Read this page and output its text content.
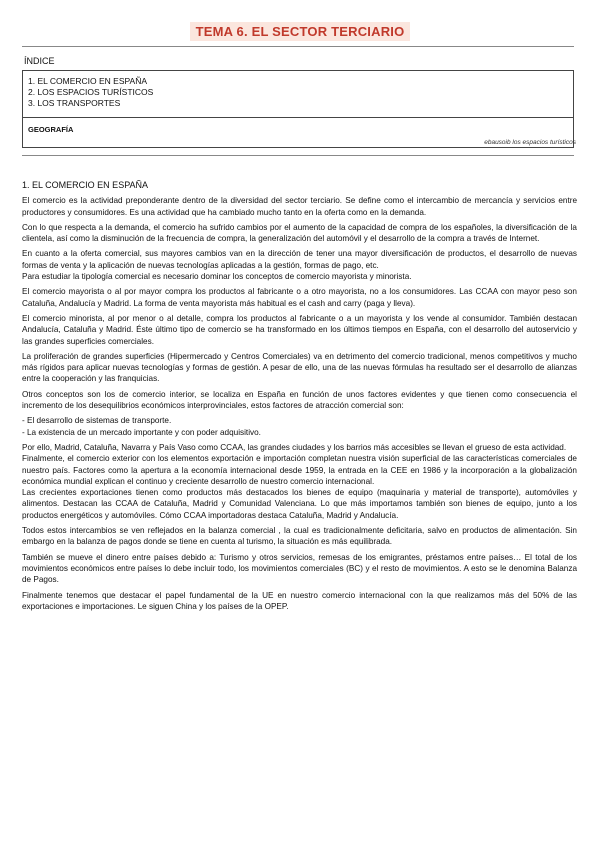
TEMA 6. EL SECTOR TERCIARIO
ÍNDICE
1. EL COMERCIO EN ESPAÑA
2. LOS ESPACIOS TURÍSTICOS
3. LOS TRANSPORTES
GEOGRAFÍA
ebausoib los espacios turísticos
1. EL COMERCIO EN ESPAÑA

El comercio es la actividad preponderante dentro de la diversidad del sector terciario. Se define como el intercambio de mercancía y servicios entre productores y consumidores. Es una actividad que ha cambiado mucho tanto en la oferta como en la demanda.

Con lo que respecta a la demanda, el comercio ha sufrido cambios por el aumento de la capacidad de compra de los españoles, la diversificación de la clientela, así como la disminución de la frecuencia de compra, la generalización del automóvil y el desarrollo de la compra a través de Internet.

En cuanto a la oferta comercial, sus mayores cambios van en la dirección de tener una mayor diversificación de productos, el desarrollo de nuevas formas de venta y la aplicación de nuevas tecnologías aplicadas a la gestión, formas de pago, etc.

Para estudiar la tipología comercial es necesario dominar los conceptos de comercio mayorista y minorista.

El comercio mayorista o al por mayor compra los productos al fabricante o a otro mayorista, no a los consumidores. Las CCAA con mayor peso son Cataluña, Andalucía y Madrid. La forma de venta mayorista más habitual es el cash and carry (paga y lleva).

El comercio minorista, al por menor o al detalle, compra los productos al fabricante o a un mayorista y los vende al consumidor. También destacan Andalucía, Cataluña y Madrid. Éste último tipo de comercio se ha transformado en los últimos tiempos en España, con el desarrollo del autoservicio y las grandes superficies comerciales.

La proliferación de grandes superficies (Hipermercado y Centros Comerciales) va en detrimento del comercio tradicional, menos competitivos y mucho más rígidos para aplicar nuevas tecnologías y formas de gestión. A pesar de ello, una de las nuevas fórmulas ha resultado ser el desarrollo de alianzas entre la cooperación y las franquicias.

Otros conceptos son los de comercio interior, se localiza en España en función de unos factores evidentes y que tienen como consecuencia el incremento de los desequilibrios económicos interprovinciales, estos factores de atracción comercial son:

- El desarrollo de sistemas de transporte.

- La existencia de un mercado importante y con poder adquisitivo.

Por ello, Madrid, Cataluña, Navarra y País Vaso como CCAA, las grandes ciudades y los barrios más accesibles se llevan el grueso de esta actividad.

Finalmente, el comercio exterior con los elementos exportación e importación completan nuestra visión superficial de las características comerciales de nuestro país. Factores como la apertura a la economía internacional desde 1959, la entrada en la CEE en 1986 y la incorporación a la globalización económica mundial explican el continuo y creciente desarrollo de nuestro comercio internacional.

Las crecientes exportaciones tienen como productos más destacados los bienes de equipo (maquinaria y material de transporte), automóviles y alimentos. Destacan las CCAA de Cataluña, Madrid y Comunidad Valenciana. Lo que más importamos también son bienes de equipo, junto a los productos energéticos y automóviles. Cómo CCAA importadoras destaca Cataluña, Madrid y Andalucía.

Todos estos intercambios se ven reflejados en la balanza comercial , la cual es tradicionalmente deficitaria, salvo en productos de alimentación. Sin embargo en la balanza de pagos donde se tiene en cuenta al turismo, la situación es más equilibrada.

También se mueve el dinero entre países debido a: Turismo y otros servicios, remesas de los emigrantes, préstamos entre países… El total de los movimientos económicos entre países lo debe incluir todo, los movimientos comerciales (BC) y el resto de movimientos. A esto se le denomina Balanza de Pagos.

Finalmente tenemos que destacar el papel fundamental de la UE en nuestro comercio internacional con la que realizamos más del 50% de las exportaciones e importaciones. Le siguen China y los países de la OPEP.
